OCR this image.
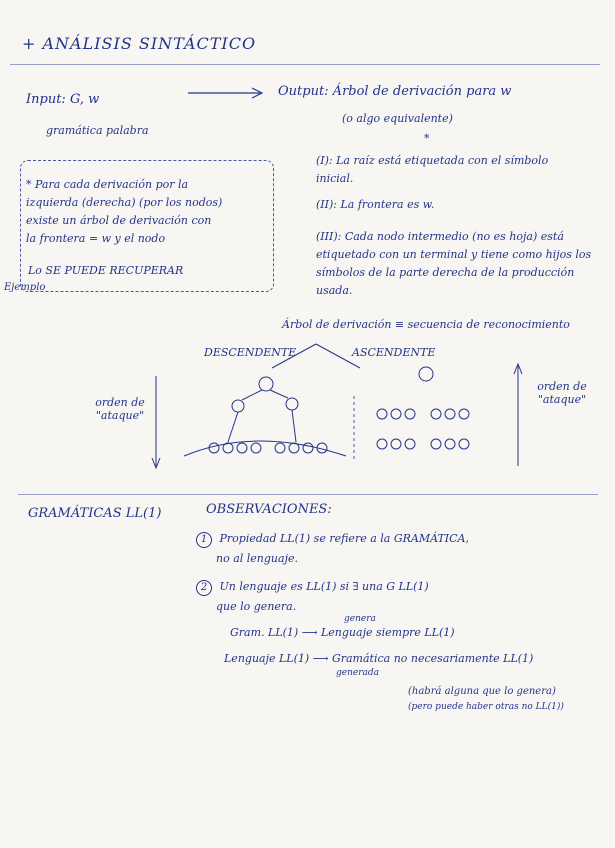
+ ANÁLISIS SINTÁCTICO
Input: G, w
gramática palabra
Output: Árbol de derivación para w
(o algo equivalente)
*
(I): La raíz está etiquetada con el símbolo inicial.
(II): La frontera es w.
(III): Cada nodo intermedio (no es hoja) está etiquetado con un terminal y tiene como hijos los símbolos de la parte derecha de la producción usada.
* Para cada derivación por la
izquierda (derecha) (por los nodos)
existe un árbol de derivación con
la frontera = w y el nodo
Lo SE PUEDE RECUPERAR
Ejemplo
Árbol de derivación ≡ secuencia de reconocimiento
DESCENDENTE	ASCENDENTE
orden de "ataque"
orden de "ataque"
GRAMÁTICAS LL(1)	OBSERVACIONES:
1 Propiedad LL(1) se refiere a la GRAMÁTICA,
no al lenguaje.
2 Un lenguaje es LL(1) si ∃ una G LL(1)
que lo genera.
genera
Gram. LL(1) ⟶ Lenguaje siempre LL(1)
Lenguaje LL(1) ⟶ Gramática no necesariamente LL(1)
generada
(habrá alguna que lo genera)
(pero puede haber otras no LL(1))
